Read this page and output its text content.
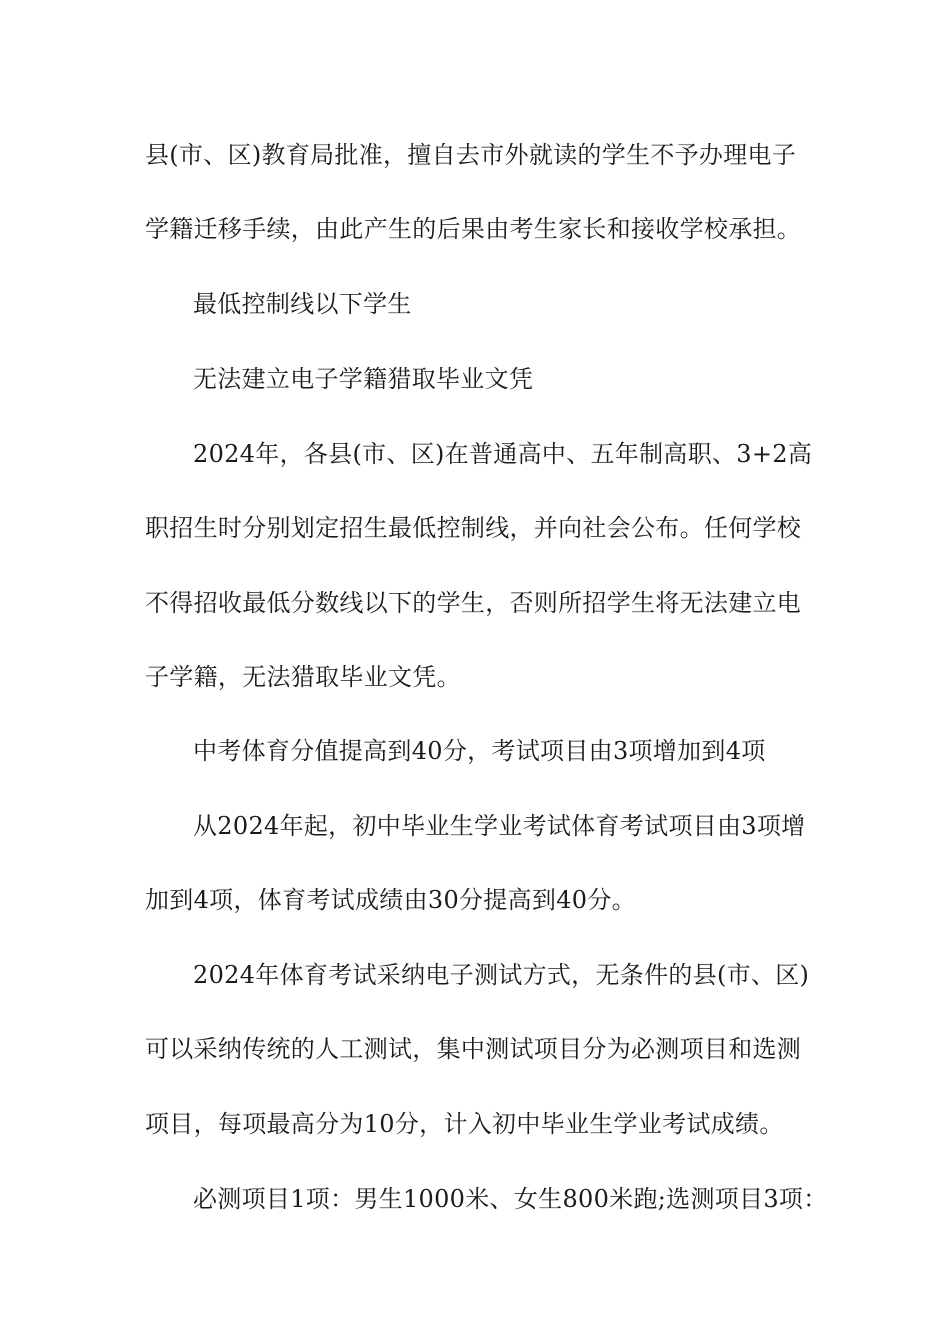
县(市、区)教育局批准，擅自去市外就读的学生不予办理电子
学籍迁移手续，由此产生的后果由考生家长和接收学校承担。
最低控制线以下学生
无法建立电子学籍猎取毕业文凭
2024年，各县(市、区)在普通高中、五年制高职、3+2高
职招生时分别划定招生最低控制线，并向社会公布。任何学校
不得招收最低分数线以下的学生，否则所招学生将无法建立电
子学籍，无法猎取毕业文凭。
中考体育分值提高到40分，考试项目由3项增加到4项
从2024年起，初中毕业生学业考试体育考试项目由3项增
加到4项，体育考试成绩由30分提高到40分。
2024年体育考试采纳电子测试方式，无条件的县(市、区)
可以采纳传统的人工测试，集中测试项目分为必测项目和选测
项目，每项最高分为10分，计入初中毕业生学业考试成绩。
必测项目1项：男生1000米、女生800米跑;选测项目3项：
